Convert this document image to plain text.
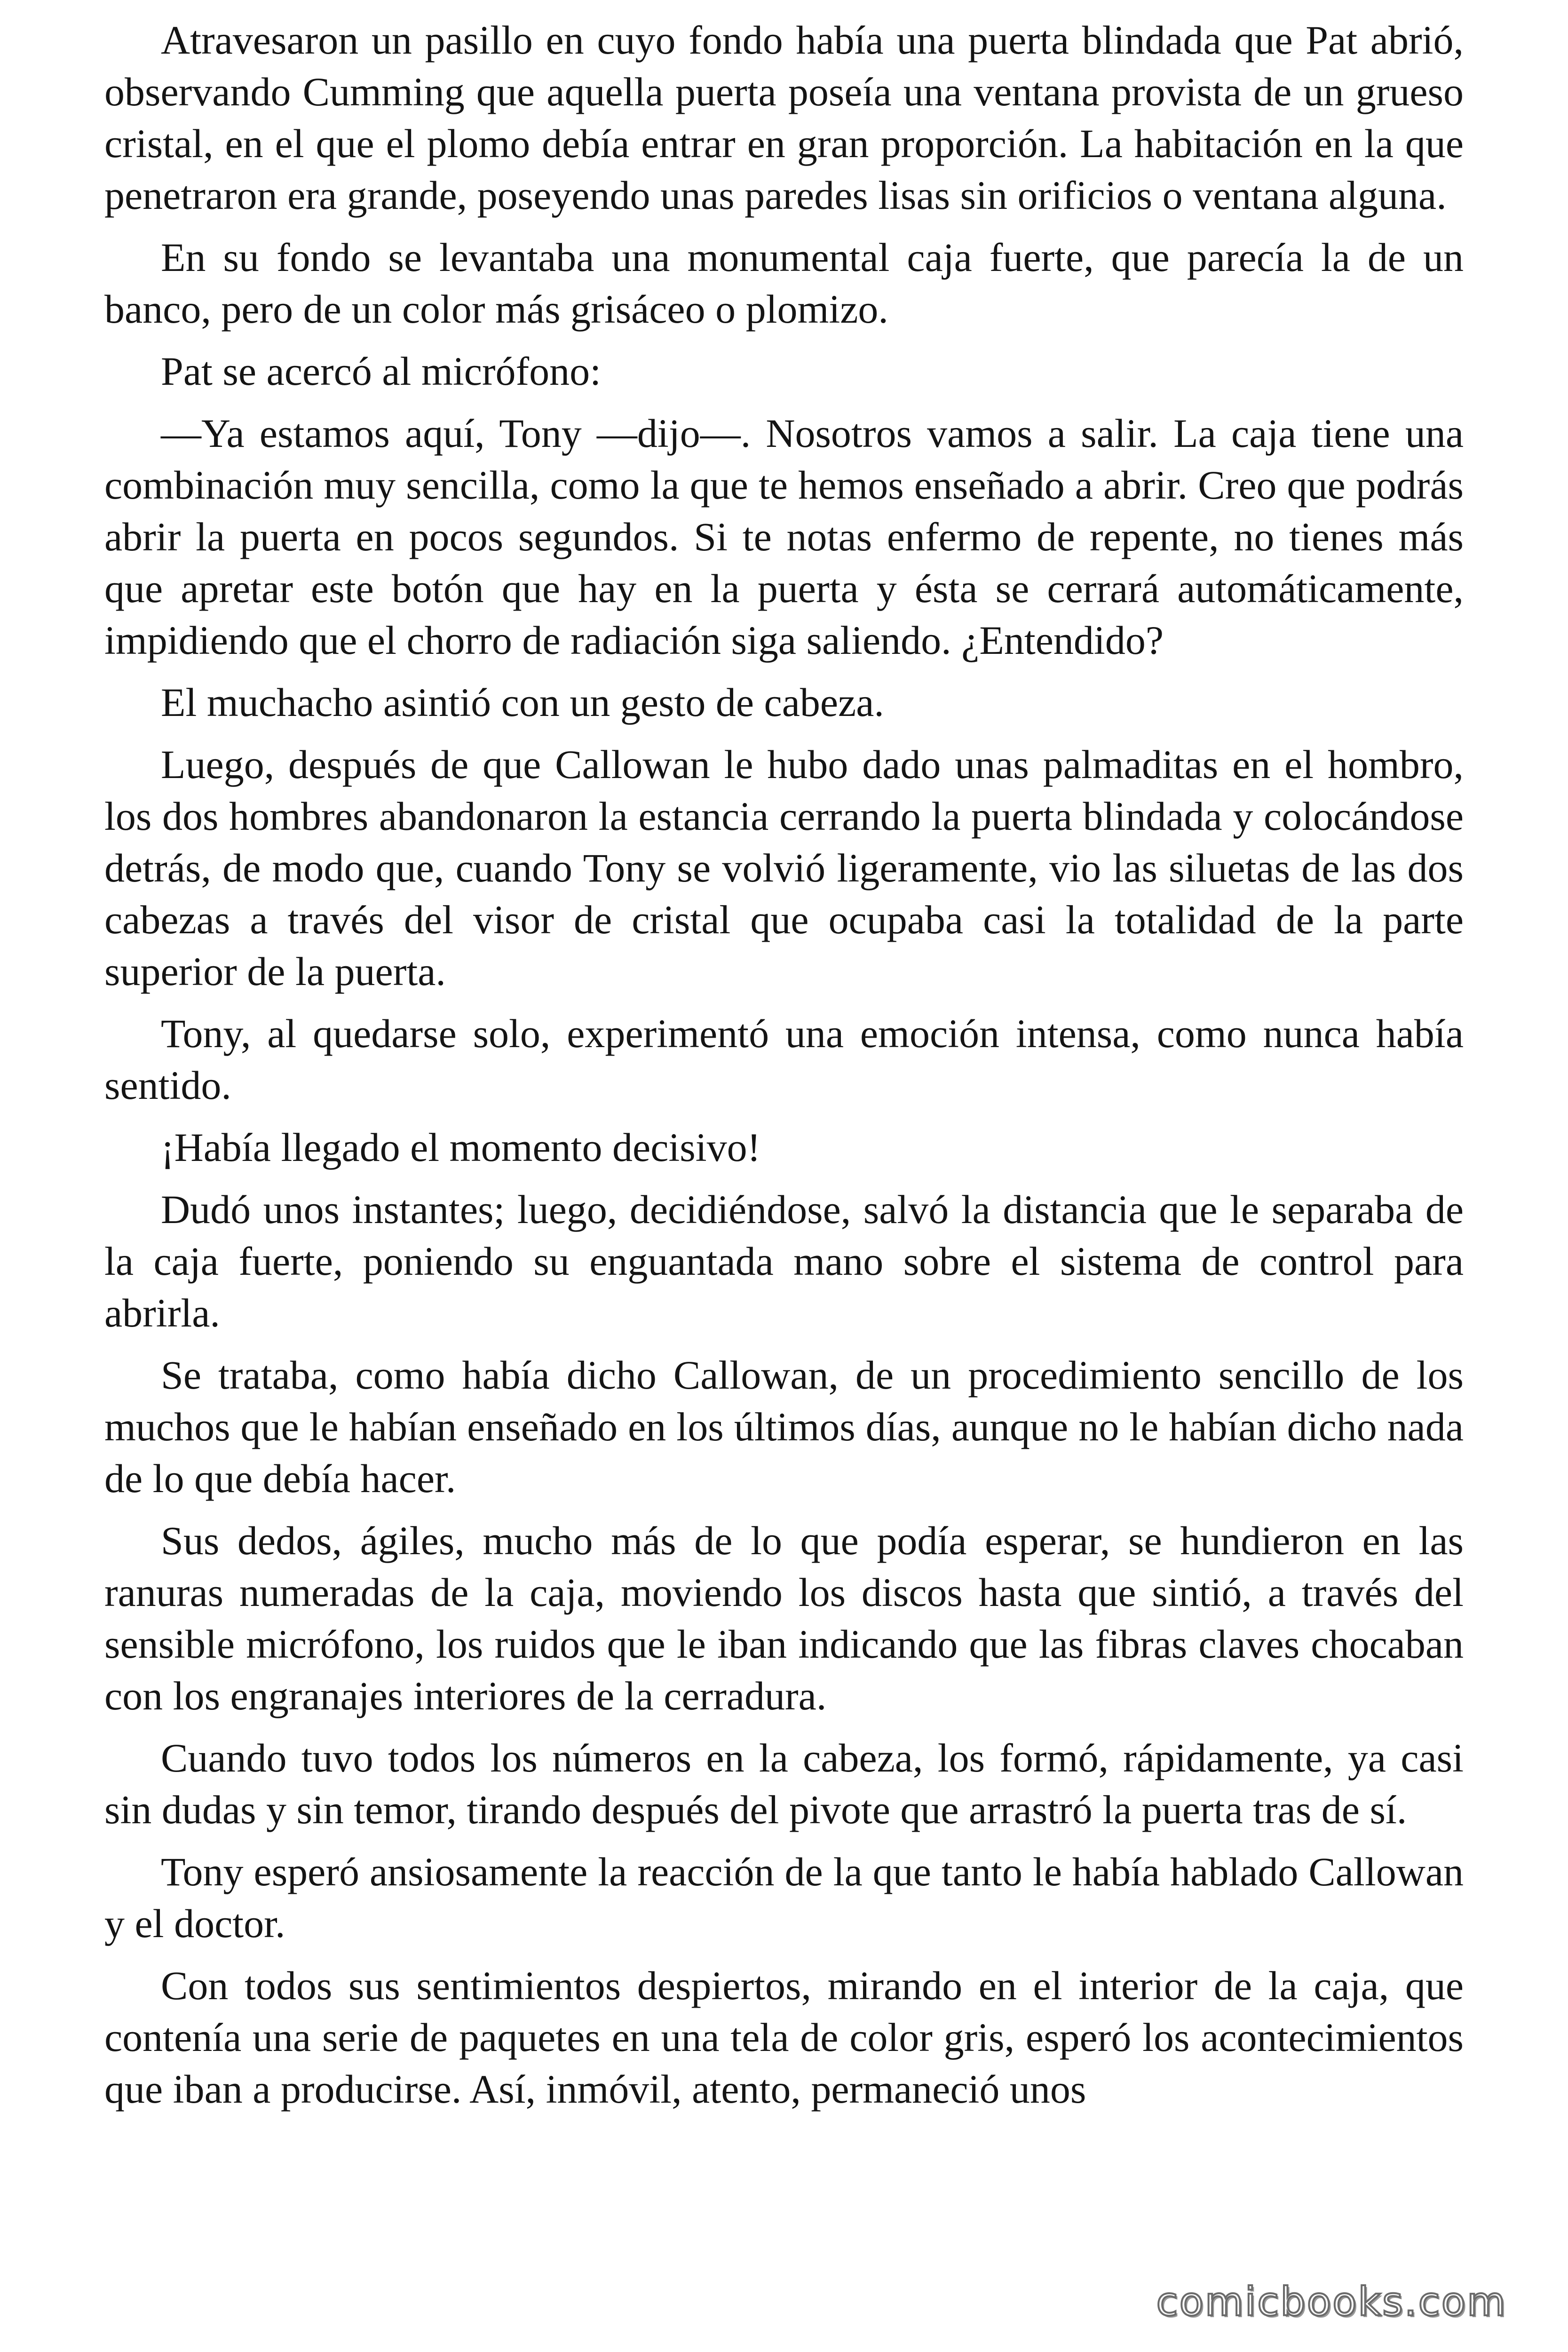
Atravesaron un pasillo en cuyo fondo había una puerta blindada que Pat abrió, observando Cumming que aquella puerta poseía una ventana provista de un grueso cristal, en el que el plomo debía entrar en gran proporción. La habitación en la que penetraron era grande, poseyendo unas paredes lisas sin orificios o ventana alguna.

En su fondo se levantaba una monumental caja fuerte, que parecía la de un banco, pero de un color más grisáceo o plomizo.

Pat se acercó al micrófono:

—Ya estamos aquí, Tony —dijo—. Nosotros vamos a salir. La caja tiene una combinación muy sencilla, como la que te hemos enseñado a abrir. Creo que podrás abrir la puerta en pocos segundos. Si te notas enfermo de repente, no tienes más que apretar este botón que hay en la puerta y ésta se cerrará automáticamente, impidiendo que el chorro de radiación siga saliendo. ¿Entendido?

El muchacho asintió con un gesto de cabeza.

Luego, después de que Callowan le hubo dado unas palmaditas en el hombro, los dos hombres abandonaron la estancia cerrando la puerta blindada y colocándose detrás, de modo que, cuando Tony se volvió ligeramente, vio las siluetas de las dos cabezas a través del visor de cristal que ocupaba casi la totalidad de la parte superior de la puerta.

Tony, al quedarse solo, experimentó una emoción intensa, como nunca había sentido.

¡Había llegado el momento decisivo!

Dudó unos instantes; luego, decidiéndose, salvó la distancia que le separaba de la caja fuerte, poniendo su enguantada mano sobre el sistema de control para abrirla.

Se trataba, como había dicho Callowan, de un procedimiento sencillo de los muchos que le habían enseñado en los últimos días, aunque no le habían dicho nada de lo que debía hacer.

Sus dedos, ágiles, mucho más de lo que podía esperar, se hundieron en las ranuras numeradas de la caja, moviendo los discos hasta que sintió, a través del sensible micrófono, los ruidos que le iban indicando que las fibras claves chocaban con los engranajes interiores de la cerradura.

Cuando tuvo todos los números en la cabeza, los formó, rápidamente, ya casi sin dudas y sin temor, tirando después del pivote que arrastró la puerta tras de sí.

Tony esperó ansiosamente la reacción de la que tanto le había hablado Callowan y el doctor.

Con todos sus sentimientos despiertos, mirando en el interior de la caja, que contenía una serie de paquetes en una tela de color gris, esperó los acontecimientos que iban a producirse. Así, inmóvil, atento, permaneció unos

comicbooks.com
